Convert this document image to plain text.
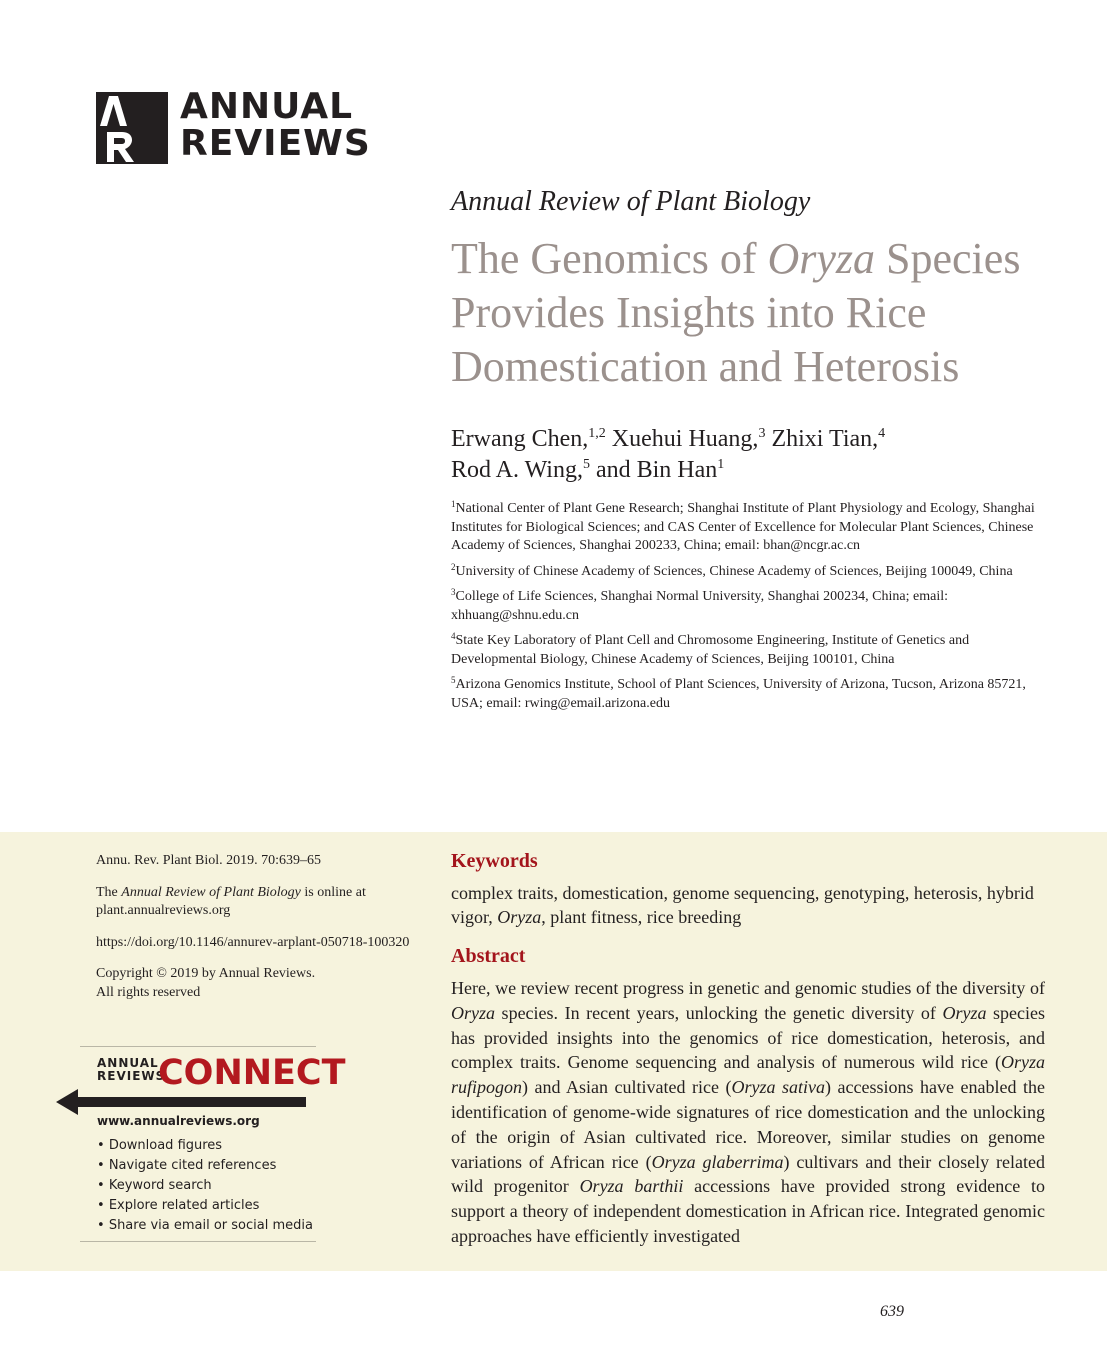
ANNUAL
REVIEWS
Annual Review of Plant Biology
The Genomics of Oryza Species Provides Insights into Rice Domestication and Heterosis
Erwang Chen,$^{1,2}$ Xuehui Huang,$^3$ Zhixi Tian,$^4$
Rod A. Wing,$^5$ and Bin Han$^1$

$^1$National Center of Plant Gene Research; Shanghai Institute of Plant Physiology and Ecology, Shanghai Institutes for Biological Sciences; and CAS Center of Excellence for Molecular Plant Sciences, Chinese Academy of Sciences, Shanghai 200233, China; email: bhan@ncgr.ac.cn

$^2$University of Chinese Academy of Sciences, Chinese Academy of Sciences, Beijing 100049, China

$^3$College of Life Sciences, Shanghai Normal University, Shanghai 200234, China; email: xhhuang@shnu.edu.cn

$^4$State Key Laboratory of Plant Cell and Chromosome Engineering, Institute of Genetics and Developmental Biology, Chinese Academy of Sciences, Beijing 100101, China

$^5$Arizona Genomics Institute, School of Plant Sciences, University of Arizona, Tucson, Arizona 85721, USA; email: rwing@email.arizona.edu

Annu. Rev. Plant Biol. 2019. 70:639–65

The Annual Review of Plant Biology is online at plant.annualreviews.org

https://doi.org/10.1146/annurev-arplant-050718-100320

Copyright © 2019 by Annual Reviews.
All rights reserved

ANNUAL
REVIEWS
CONNECT
www.annualreviews.org
• Download figures
• Navigate cited references
• Keyword search
• Explore related articles
• Share via email or social media
Keywords

complex traits, domestication, genome sequencing, genotyping, heterosis, hybrid vigor, Oryza, plant fitness, rice breeding

Abstract

Here, we review recent progress in genetic and genomic studies of the diversity of Oryza species. In recent years, unlocking the genetic diversity of Oryza species has provided insights into the genomics of rice domestication, heterosis, and complex traits. Genome sequencing and analysis of numerous wild rice (Oryza rufipogon) and Asian cultivated rice (Oryza sativa) accessions have enabled the identification of genome-wide signatures of rice domestication and the unlocking of the origin of Asian cultivated rice. Moreover, similar studies on genome variations of African rice (Oryza glaberrima) cultivars and their closely related wild progenitor Oryza barthii accessions have provided strong evidence to support a theory of independent domestication in African rice. Integrated genomic approaches have efficiently investigated

639
